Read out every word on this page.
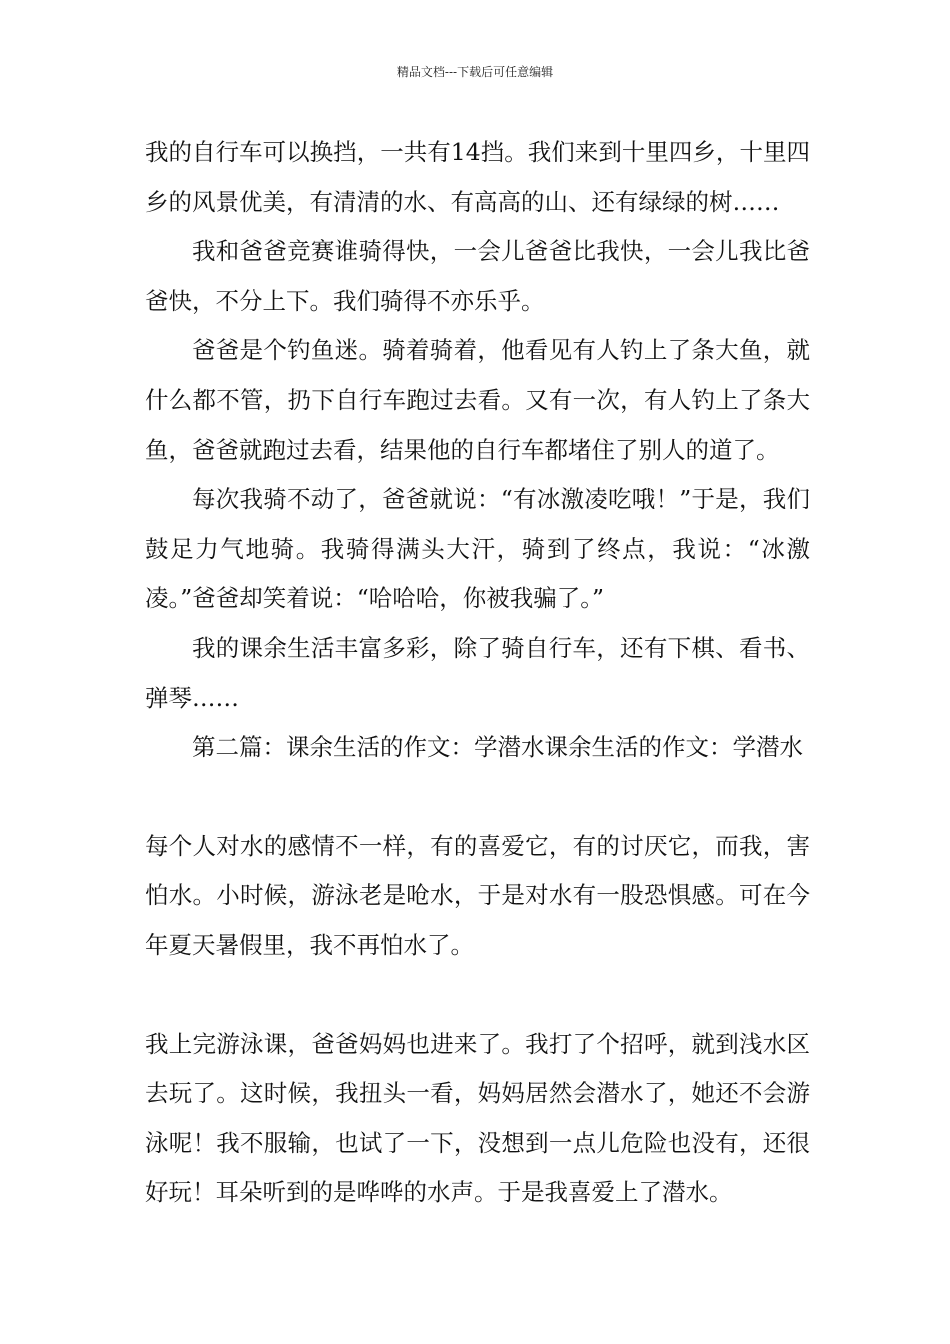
精品文档---下载后可任意编辑

我的自行车可以换挡，一共有14挡。我们来到十里四乡，十里四乡的风景优美，有清清的水、有高高的山、还有绿绿的树……

我和爸爸竞赛谁骑得快，一会儿爸爸比我快，一会儿我比爸爸快，不分上下。我们骑得不亦乐乎。

爸爸是个钓鱼迷。骑着骑着，他看见有人钓上了条大鱼，就什么都不管，扔下自行车跑过去看。又有一次，有人钓上了条大鱼，爸爸就跑过去看，结果他的自行车都堵住了别人的道了。

每次我骑不动了，爸爸就说：“有冰激凌吃哦！”于是，我们鼓足力气地骑。我骑得满头大汗，骑到了终点，我说：“冰激凌。”爸爸却笑着说：“哈哈哈，你被我骗了。”

我的课余生活丰富多彩，除了骑自行车，还有下棋、看书、弹琴……

第二篇：课余生活的作文：学潜水课余生活的作文：学潜水

每个人对水的感情不一样，有的喜爱它，有的讨厌它，而我，害怕水。小时候，游泳老是呛水，于是对水有一股恐惧感。可在今年夏天暑假里，我不再怕水了。

我上完游泳课，爸爸妈妈也进来了。我打了个招呼，就到浅水区去玩了。这时候，我扭头一看，妈妈居然会潜水了，她还不会游泳呢！我不服输，也试了一下，没想到一点儿危险也没有，还很好玩！耳朵听到的是哗哗的水声。于是我喜爱上了潜水。
